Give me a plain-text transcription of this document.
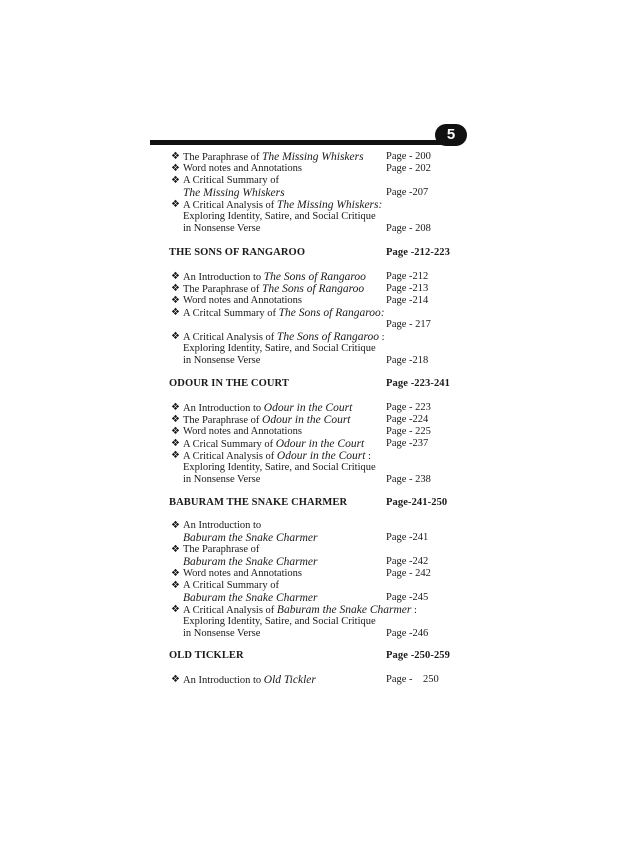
5
❖ The Paraphrase of The Missing Whiskers Page - 200
❖ Word notes and Annotations	Page - 202
❖ A Critical Summary of
The Missing Whiskers	Page -207
❖ A Critical Analysis of The Missing Whiskers:
Exploring Identity, Satire, and Social Critique
in Nonsense Verse	Page - 208
THE SONS OF RANGAROO	Page -212-223
❖ An Introduction to The Sons of Rangaroo Page -212
❖ The Paraphrase of The Sons of Rangaroo Page -213
❖ Word notes and Annotations	Page -214
❖ A Critcal Summary of The Sons of Rangaroo:
Page - 217
❖ A Critical Analysis of The Sons of Rangaroo :
Exploring Identity, Satire, and Social Critique
in Nonsense Verse	Page -218
ODOUR IN THE COURT	Page -223-241
❖ An Introduction to Odour in the Court	Page - 223
❖ The Paraphrase of Odour in the Court	Page -224
❖ Word notes and Annotations	Page - 225
❖ A Crical Summary of Odour in the Court Page -237
❖ A Critical Analysis of Odour in the Court :
Exploring Identity, Satire, and Social Critique
in Nonsense Verse	Page - 238
BABURAM THE SNAKE CHARMER	Page-241-250
❖ An Introduction to
Baburam the Snake Charmer	Page -241
❖ The Paraphrase of
Baburam the Snake Charmer	Page -242
❖ Word notes and Annotations	Page - 242
❖ A Critical Summary of
Baburam the Snake Charmer	Page -245
❖ A Critical Analysis of Baburam the Snake Charmer :
Exploring Identity, Satire, and Social Critique
in Nonsense Verse	Page -246
OLD TICKLER	Page -250-259
❖ An Introduction to Old Tickler	Page -    250
